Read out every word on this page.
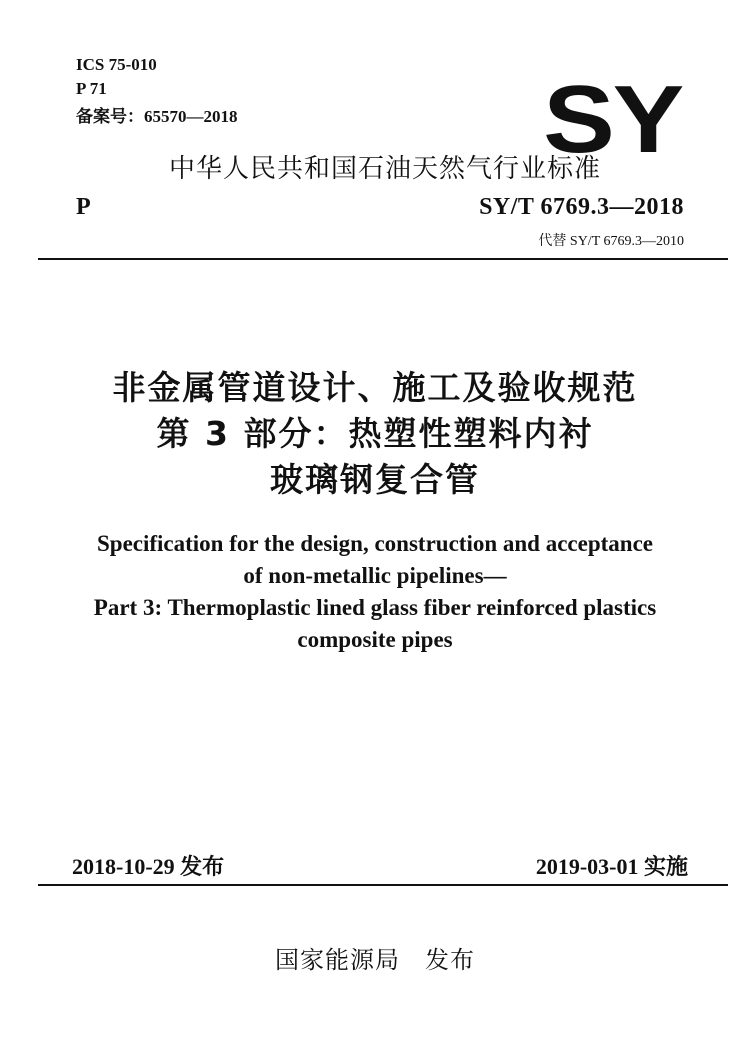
ICS 75-010
P 71
备案号：65570—2018	SY
中华人民共和国石油天然气行业标准
P	SY/T 6769.3—2018
代替 SY/T 6769.3—2010
非金属管道设计、施工及验收规范
第 3 部分：热塑性塑料内衬
玻璃钢复合管
Specification for the design, construction and acceptance
of non-metallic pipelines—
Part 3: Thermoplastic lined glass fiber reinforced plastics
composite pipes
2018-10-29 发布	2019-03-01 实施
国家能源局　发布
